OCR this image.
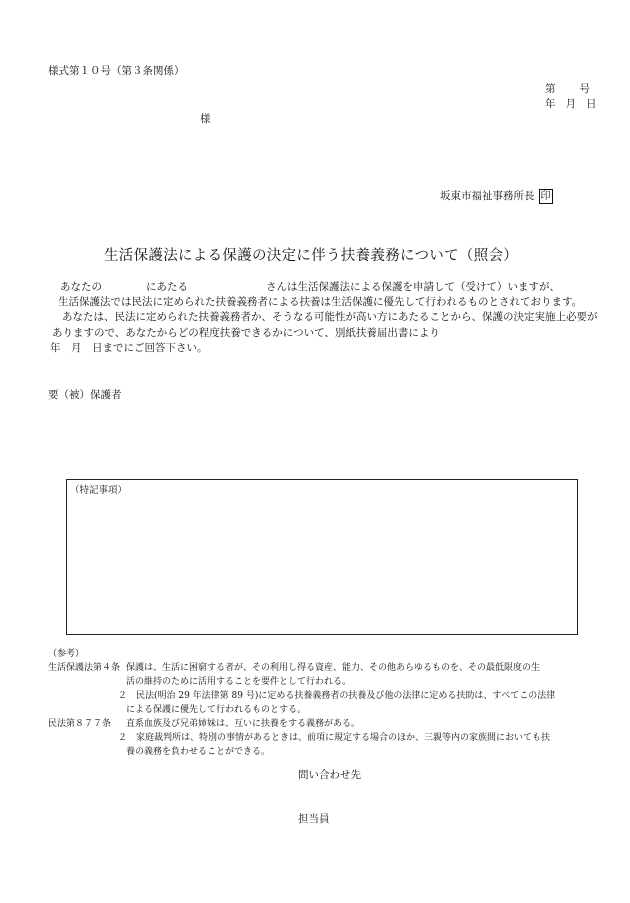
様式第１０号（第３条関係）
第 号
年 月 日
様
坂東市福祉事務所長 印
生活保護法による保護の決定に伴う扶養義務について（照会）

あなたの	にあたる	さんは生活保護法による保護を申請して（受けて）いますが、

生活保護法では民法に定められた扶養義務者による扶養は生活保護に優先して行われるものとされております。

あなたは、民法に定められた扶養義務者か、そうなる可能性が高い方にあたることから、保護の決定実施上必要がありますので、あなたからどの程度扶養できるかについて、別紙扶養届出書により

年　月　日までにご回答下さい。

要（被）保護者
（特記事項）
（参考）
生活保護法第４条 保護は、生活に困窮する者が、その利用し得る資産、能力、その他あらゆるものを、その最低限度の生
活の維持のために活用することを要件として行われる。
２　民法(明治 29 年法律第 89 号)に定める扶養義務者の扶養及び他の法律に定める扶助は、すべてこの法律
による保護に優先して行われるものとする。
民法第８７７条 直系血族及び兄弟姉妹は、互いに扶養をする義務がある。
２　家庭裁判所は、特別の事情があるときは、前項に規定する場合のほか、三親等内の家族間においても扶
養の義務を負わせることができる。
問い合わせ先
担当員
